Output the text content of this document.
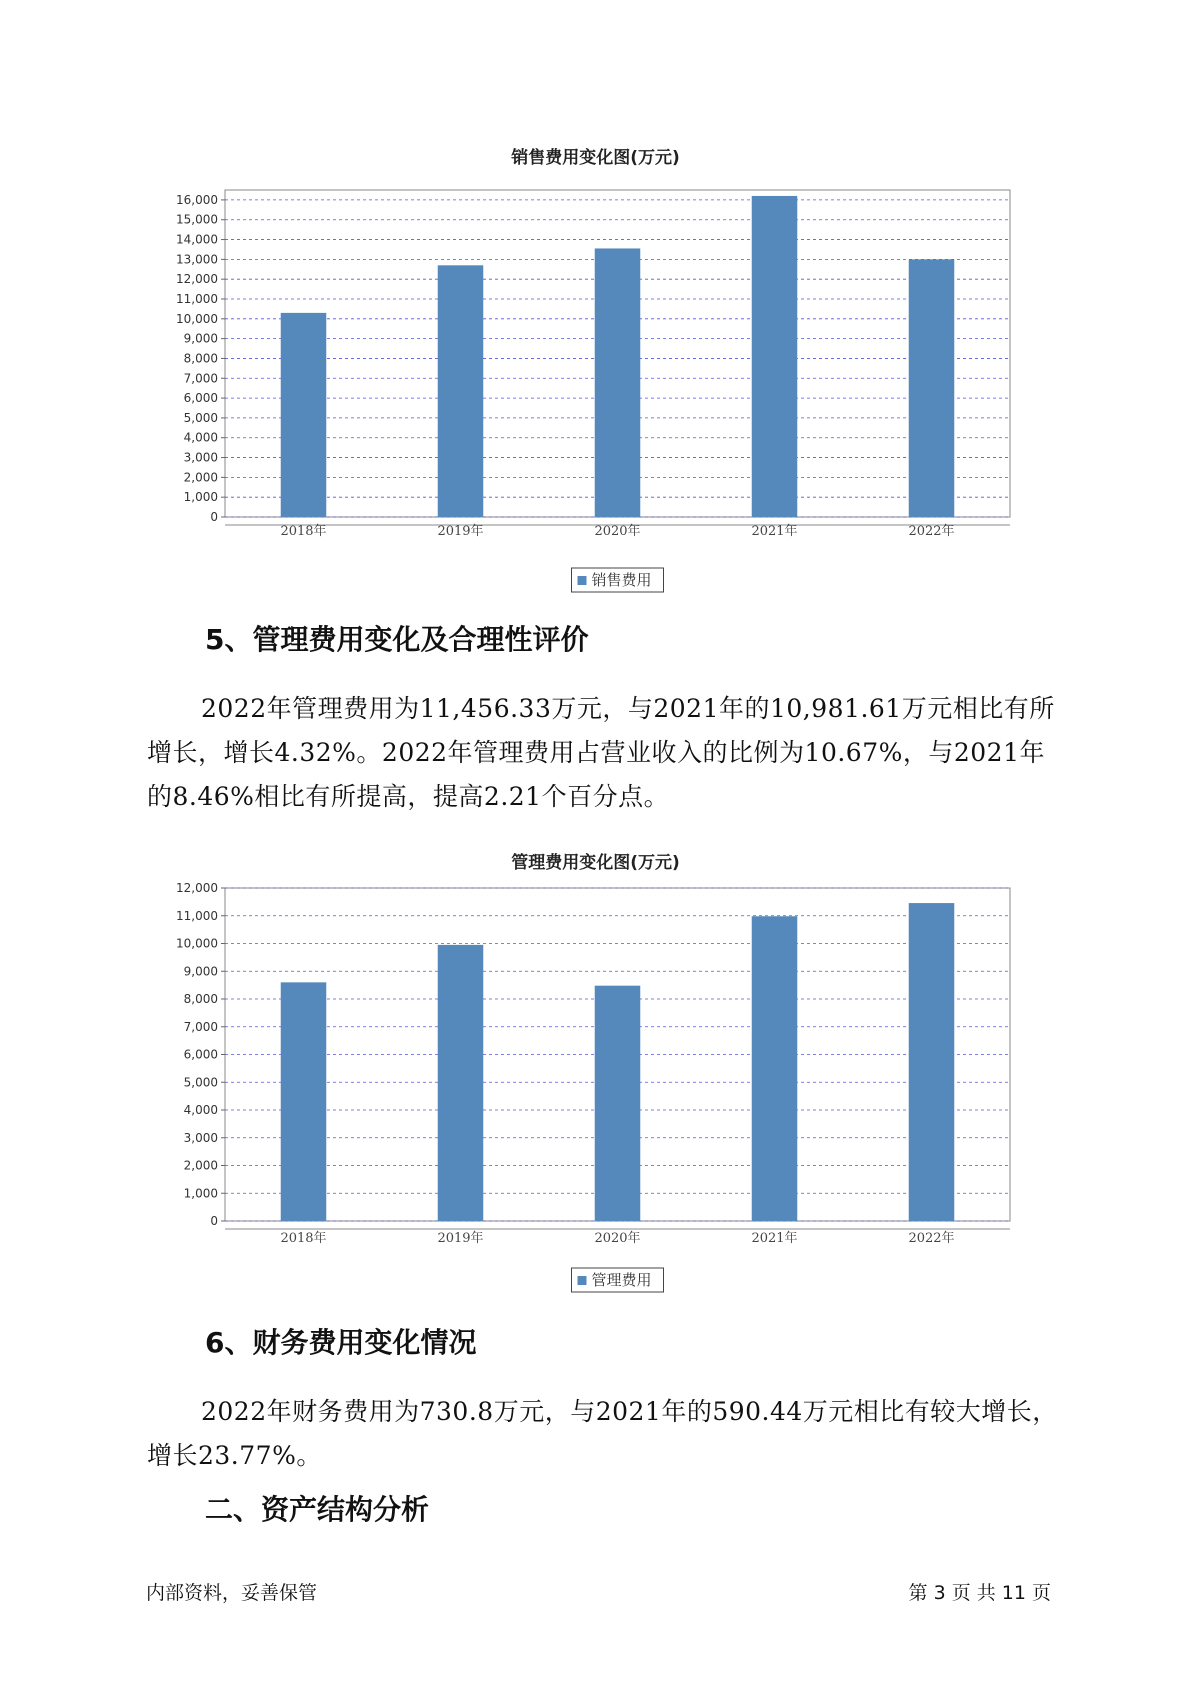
销售费用变化图(万元)
0
1,000
2,000
3,000
4,000
5,000
6,000
7,000
8,000
9,000
10,000
11,000
12,000
13,000
14,000
15,000
16,000
2018年	2019年	2020年	2021年	2022年
销售费用
5、管理费用变化及合理性评价

2022年管理费用为11,456.33万元，与2021年的10,981.61万元相比有所增长，增长4.32%。2022年管理费用占营业收入的比例为10.67%，与2021年的8.46%相比有所提高，提高2.21个百分点。

管理费用变化图(万元)
0
1,000
2,000
3,000
4,000
5,000
6,000
7,000
8,000
9,000
10,000
11,000
12,000
2018年	2019年	2020年	2021年	2022年
管理费用
6、财务费用变化情况

2022年财务费用为730.8万元，与2021年的590.44万元相比有较大增长，增长23.77%。

二、资产结构分析
内部资料，妥善保管	第 3 页 共 11 页
